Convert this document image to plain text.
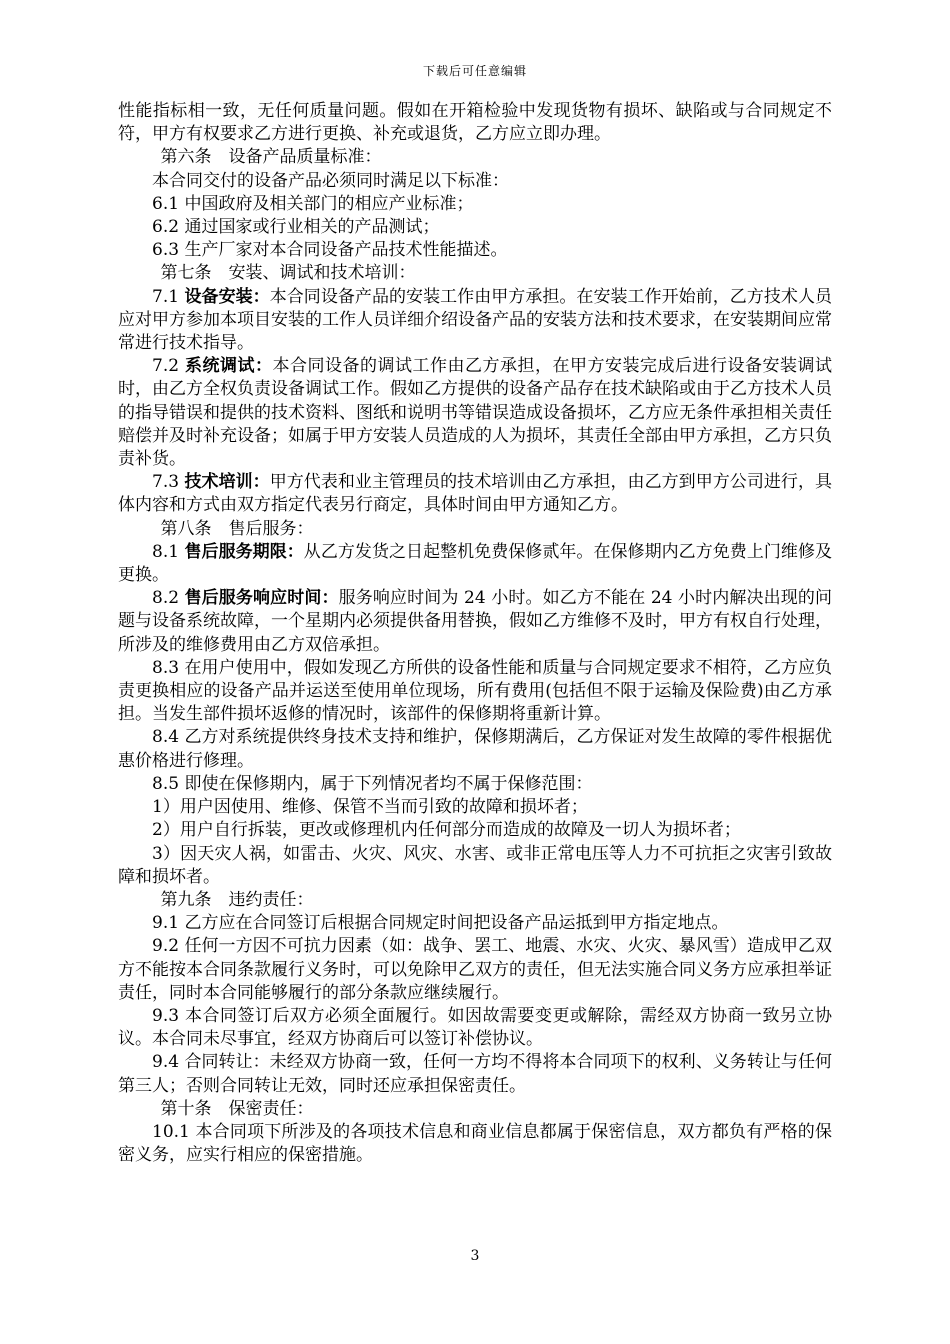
下载后可任意编辑

性能指标相一致，无任何质量问题。假如在开箱检验中发现货物有损坏、缺陷或与合同规定不符，甲方有权要求乙方进行更换、补充或退货，乙方应立即办理。

第六条　设备产品质量标准：

本合同交付的设备产品必须同时满足以下标准：

6.1 中国政府及相关部门的相应产业标准；

6.2 通过国家或行业相关的产品测试；

6.3 生产厂家对本合同设备产品技术性能描述。

第七条　安装、调试和技术培训：

7.1 设备安装：本合同设备产品的安装工作由甲方承担。在安装工作开始前，乙方技术人员应对甲方参加本项目安装的工作人员详细介绍设备产品的安装方法和技术要求，在安装期间应常常进行技术指导。

7.2 系统调试：本合同设备的调试工作由乙方承担，在甲方安装完成后进行设备安装调试时，由乙方全权负责设备调试工作。假如乙方提供的设备产品存在技术缺陷或由于乙方技术人员的指导错误和提供的技术资料、图纸和说明书等错误造成设备损坏，乙方应无条件承担相关责任赔偿并及时补充设备；如属于甲方安装人员造成的人为损坏，其责任全部由甲方承担，乙方只负责补货。

7.3 技术培训：甲方代表和业主管理员的技术培训由乙方承担，由乙方到甲方公司进行，具体内容和方式由双方指定代表另行商定，具体时间由甲方通知乙方。

第八条　售后服务：

8.1 售后服务期限：从乙方发货之日起整机免费保修贰年。在保修期内乙方免费上门维修及更换。

8.2 售后服务响应时间：服务响应时间为 24 小时。如乙方不能在 24 小时内解决出现的问题与设备系统故障，一个星期内必须提供备用替换，假如乙方维修不及时，甲方有权自行处理，所涉及的维修费用由乙方双倍承担。

8.3 在用户使用中，假如发现乙方所供的设备性能和质量与合同规定要求不相符，乙方应负责更换相应的设备产品并运送至使用单位现场，所有费用(包括但不限于运输及保险费)由乙方承担。当发生部件损坏返修的情况时，该部件的保修期将重新计算。

8.4 乙方对系统提供终身技术支持和维护，保修期满后，乙方保证对发生故障的零件根据优惠价格进行修理。

8.5 即使在保修期内，属于下列情况者均不属于保修范围：

1）用户因使用、维修、保管不当而引致的故障和损坏者；

2）用户自行拆装，更改或修理机内任何部分而造成的故障及一切人为损坏者；

3）因天灾人祸，如雷击、火灾、风灾、水害、或非正常电压等人力不可抗拒之灾害引致故障和损坏者。

第九条　违约责任：

9.1 乙方应在合同签订后根据合同规定时间把设备产品运抵到甲方指定地点。

9.2 任何一方因不可抗力因素（如：战争、罢工、地震、水灾、火灾、暴风雪）造成甲乙双方不能按本合同条款履行义务时，可以免除甲乙双方的责任，但无法实施合同义务方应承担举证责任，同时本合同能够履行的部分条款应继续履行。

9.3 本合同签订后双方必须全面履行。如因故需要变更或解除，需经双方协商一致另立协议。本合同未尽事宜，经双方协商后可以签订补偿协议。

9.4 合同转让：未经双方协商一致，任何一方均不得将本合同项下的权利、义务转让与任何第三人；否则合同转让无效，同时还应承担保密责任。

第十条　保密责任：

10.1 本合同项下所涉及的各项技术信息和商业信息都属于保密信息，双方都负有严格的保密义务，应实行相应的保密措施。

3
